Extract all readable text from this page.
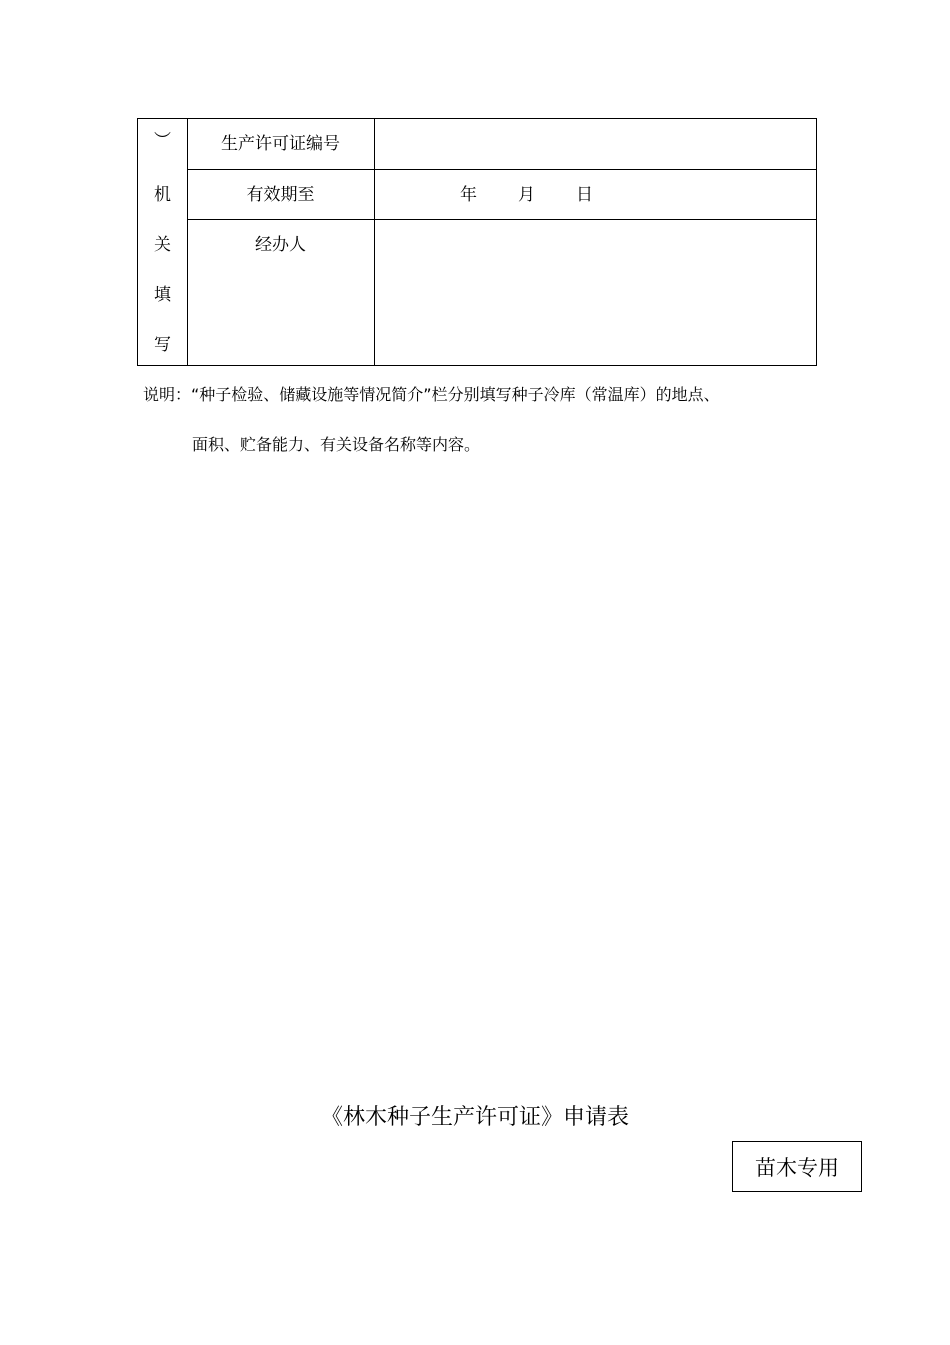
︶
机
关
填
写
生产许可证编号
有效期至	年 月 日
经办人
说明：“种子检验、储藏设施等情况简介”栏分别填写种子冷库（常温库）的地点、
面积、贮备能力、有关设备名称等内容。
《林木种子生产许可证》申请表
苗木专用
